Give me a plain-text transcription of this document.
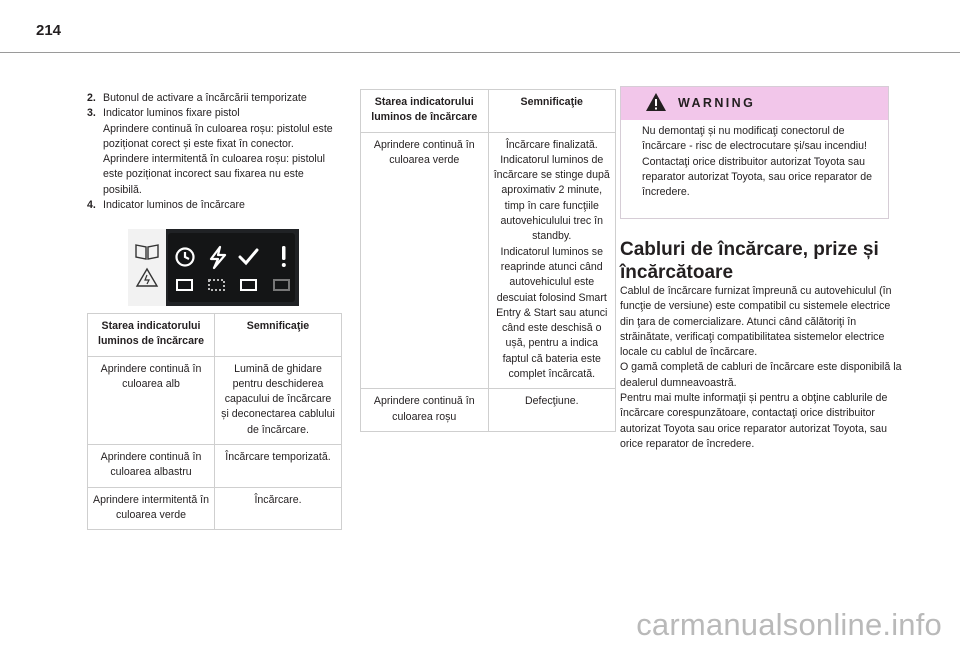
214
2. Butonul de activare a încărcării temporizate
3. Indicator luminos fixare pistol
Aprindere continuă în culoarea roșu: pistolul este poziționat corect și este fixat în conector.
Aprindere intermitentă în culoarea roșu: pistolul este poziționat incorect sau fixarea nu este posibilă.
4. Indicator luminos de încărcare
Starea indicatorului luminos de încărcare	Semnificaţie
Aprindere continuă în culoarea alb	Lumină de ghidare pentru deschiderea capacului de încărcare și deconectarea cablului de încărcare.
Aprindere continuă în culoarea albastru	Încărcare temporizată.
Aprindere intermitentă în culoarea verde	Încărcare.
Starea indicatorului luminos de încărcare	Semnificaţie
Aprindere continuă în culoarea verde	Încărcare finalizată.
Indicatorul luminos de încărcare se stinge după aproximativ 2 minute, timp în care funcţiile autovehiculului trec în standby.
Indicatorul luminos se reaprinde atunci când autovehiculul este descuiat folosind Smart Entry & Start sau atunci când este deschisă o ușă, pentru a indica faptul că bateria este complet încărcată.
Aprindere continuă în culoarea roșu	Defecţiune.
WARNING
Nu demontaţi și nu modificaţi conectorul de încărcare - risc de electrocutare și/sau incendiu!
Contactaţi orice distribuitor autorizat Toyota sau reparator autorizat Toyota, sau orice reparator de încredere.
Cabluri de încărcare, prize și încărcătoare
Cablul de încărcare furnizat împreună cu autovehiculul (în funcţie de versiune) este compatibil cu sistemele electrice din ţara de comercializare. Atunci când călătoriţi în străinătate, verificaţi compatibilitatea sistemelor electrice locale cu cablul de încărcare.
O gamă completă de cabluri de încărcare este disponibilă la dealerul dumneavoastră.
Pentru mai multe informaţii și pentru a obţine cablurile de încărcare corespunzătoare, contactaţi orice distribuitor autorizat Toyota sau orice reparator autorizat Toyota, sau orice reparator de încredere.
carmanualsonline.info
